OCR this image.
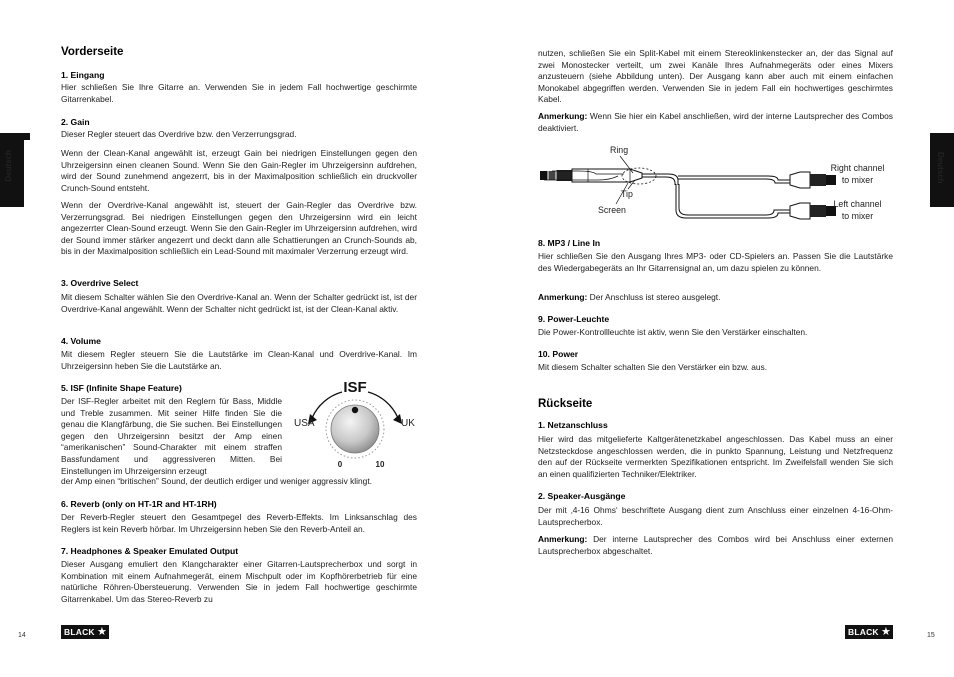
Deutsch	Deutsch
Vorderseite
1. Eingang
Hier schließen Sie Ihre Gitarre an. Verwenden Sie in jedem Fall hochwertige geschirmte Gitarrenkabel.
2. Gain
Dieser Regler steuert das Overdrive bzw. den Verzerrungsgrad.
Wenn der Clean-Kanal angewählt ist, erzeugt Gain bei niedrigen Einstellungen gegen den Uhrzeigersinn einen cleanen Sound. Wenn Sie den Gain-Regler im Uhrzeigersinn aufdrehen, wird der Sound zunehmend angezerrt, bis in der Maximalposition schließlich ein druckvoller Crunch-Sound entsteht.
Wenn der Overdrive-Kanal angewählt ist, steuert der Gain-Regler das Overdrive bzw. Verzerrungsgrad. Bei niedrigen Einstellungen gegen den Uhrzeigersinn wird ein leicht angezerrter Clean-Sound erzeugt. Wenn Sie den Gain-Regler im Uhrzeigersinn aufdrehen, wird der Sound immer stärker angezerrt und deckt dann alle Schattierungen an Crunch-Sounds ab, bis in der Maximalposition schließlich ein Lead-Sound mit maximaler Verzerrung erzeugt wird.
3. Overdrive Select
Mit diesem Schalter wählen Sie den Overdrive-Kanal an. Wenn der Schalter gedrückt ist, ist der Overdrive-Kanal angewählt. Wenn der Schalter nicht gedrückt ist, ist der Clean-Kanal aktiv.
4. Volume
Mit diesem Regler steuern Sie die Lautstärke im Clean-Kanal und Overdrive-Kanal. Im Uhrzeigersinn heben Sie die Lautstärke an.
5. ISF (Infinite Shape Feature)
Der ISF-Regler arbeitet mit den Reglern für Bass, Middle und Treble zusammen. Mit seiner Hilfe finden Sie die genau die Klangfärbung, die Sie suchen. Bei Einstellungen gegen den Uhrzeigersinn besitzt der Amp einen “amerikanischen” Sound-Charakter mit einem straffen Bassfundament und aggressiveren Mitten. Bei Einstellungen im Uhrzeigersinn erzeugt
der Amp einen “britischen” Sound, der deutlich erdiger und weniger aggressiv klingt.
6. Reverb (only on HT-1R and HT-1RH)
Der Reverb-Regler steuert den Gesamtpegel des Reverb-Effekts. Im Linksanschlag des Reglers ist kein Reverb hörbar. Im Uhrzeigersinn heben Sie den Reverb-Anteil an.
7. Headphones & Speaker Emulated Output
Dieser Ausgang emuliert den Klangcharakter einer Gitarren-Lautsprecherbox und sorgt in Kombination mit einem Aufnahmegerät, einem Mischpult oder im Kopfhörerbetrieb für eine natürliche Röhren-Übersteuerung. Verwenden Sie in jedem Fall hochwertige geschirmte Gitarrenkabel. Um das Stereo-Reverb zu
ISF
USA	UK
0	10
14	BLACK ★
nutzen, schließen Sie ein Split-Kabel mit einem Stereoklinkenstecker an, der das Signal auf zwei Monostecker verteilt, um zwei Kanäle Ihres Aufnahmegeräts oder eines Mixers anzusteuern (siehe Abbildung unten). Der Ausgang kann aber auch mit einem einfachen Monokabel abgegriffen werden. Verwenden Sie in jedem Fall ein hochwertiges geschirmtes Kabel.
Anmerkung: Wenn Sie hier ein Kabel anschließen, wird der interne Lautsprecher des Combos deaktiviert.
8. MP3 / Line In
Hier schließen Sie den Ausgang Ihres MP3- oder CD-Spielers an. Passen Sie die Lautstärke des Wiedergabegeräts an Ihr Gitarrensignal an, um dazu spielen zu können.
Anmerkung: Der Anschluss ist stereo ausgelegt.
9. Power-Leuchte
Die Power-Kontrollleuchte ist aktiv, wenn Sie den Verstärker einschalten.
10. Power
Mit diesem Schalter schalten Sie den Verstärker ein bzw. aus.
Rückseite
1. Netzanschluss
Hier wird das mitgelieferte Kaltgerätenetzkabel angeschlossen. Das Kabel muss an einer Netzsteckdose angeschlossen werden, die in punkto Spannung, Leistung und Netzfrequenz den auf der Rückseite vermerkten Spezifikationen entspricht. Im Zweifelsfall wenden Sie sich an einen qualifizierten Techniker/Elektriker.
2. Speaker-Ausgänge
Der mit ‚4-16 Ohms‘ beschriftete Ausgang dient zum Anschluss einer einzelnen 4-16-Ohm-Lautsprecherbox.
Anmerkung: Der interne Lautsprecher des Combos wird bei Anschluss einer externen Lautsprecherbox abgeschaltet.
Ring
Tip
Screen
Right channel
to mixer
Left channel
to mixer
BLACK ★	15
